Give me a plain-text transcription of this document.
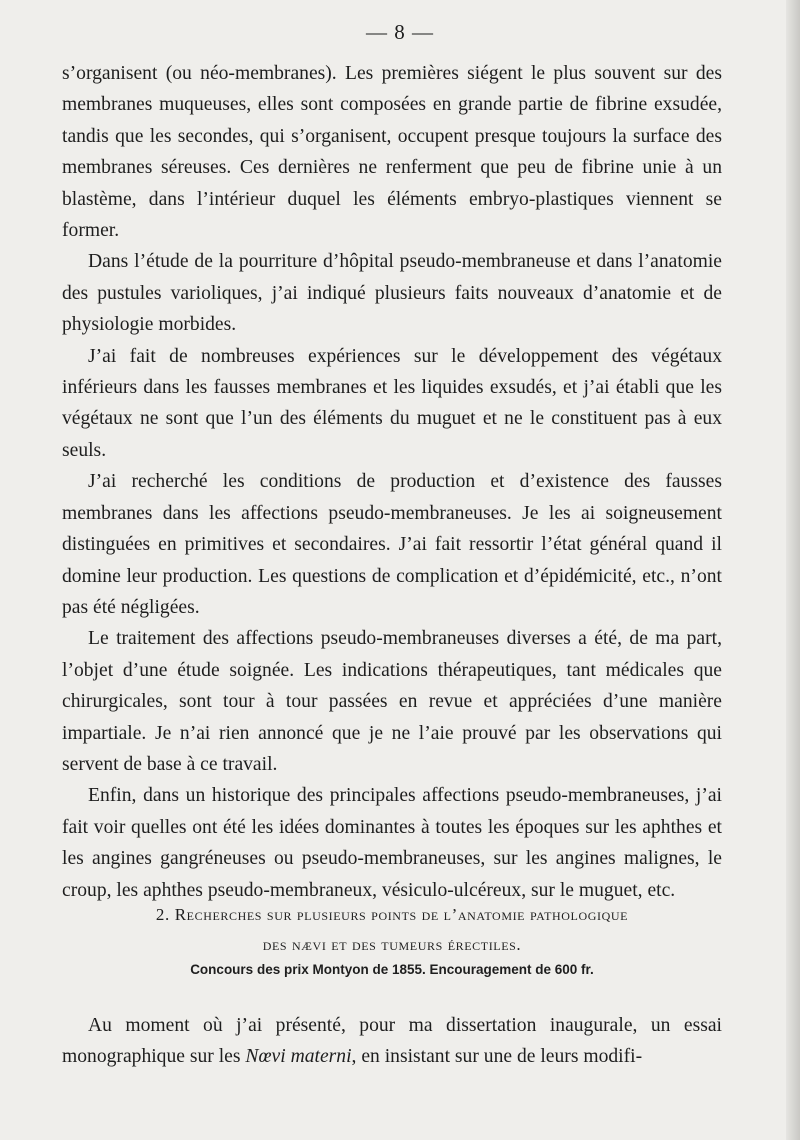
— 8 —

s’organisent (ou néo-membranes). Les premières siégent le plus souvent sur des membranes muqueuses, elles sont composées en grande partie de fibrine exsudée, tandis que les secondes, qui s’organisent, occupent presque toujours la surface des membranes séreuses. Ces dernières ne renferment que peu de fibrine unie à un blastème, dans l’intérieur duquel les éléments embryo-plastiques viennent se former.

Dans l’étude de la pourriture d’hôpital pseudo-membraneuse et dans l’anatomie des pustules varioliques, j’ai indiqué plusieurs faits nouveaux d’anatomie et de physiologie morbides.

J’ai fait de nombreuses expériences sur le développement des végétaux inférieurs dans les fausses membranes et les liquides exsudés, et j’ai établi que les végétaux ne sont que l’un des éléments du muguet et ne le constituent pas à eux seuls.

J’ai recherché les conditions de production et d’existence des fausses membranes dans les affections pseudo-membraneuses. Je les ai soigneusement distinguées en primitives et secondaires. J’ai fait ressortir l’état général quand il domine leur production. Les questions de complication et d’épidémicité, etc., n’ont pas été négligées.

Le traitement des affections pseudo-membraneuses diverses a été, de ma part, l’objet d’une étude soignée. Les indications thérapeutiques, tant médicales que chirurgicales, sont tour à tour passées en revue et appréciées d’une manière impartiale. Je n’ai rien annoncé que je ne l’aie prouvé par les observations qui servent de base à ce travail.

Enfin, dans un historique des principales affections pseudo-membraneuses, j’ai fait voir quelles ont été les idées dominantes à toutes les époques sur les aphthes et les angines gangréneuses ou pseudo-membraneuses, sur les angines malignes, le croup, les aphthes pseudo-membraneux, vésiculo-ulcéreux, sur le muguet, etc.

2. Recherches sur plusieurs points de l’anatomie pathologique
des nævi et des tumeurs érectiles.
Concours des prix Montyon de 1855. Encouragement de 600 fr.

Au moment où j’ai présenté, pour ma dissertation inaugurale, un essai monographique sur les Nœvi materni, en insistant sur une de leurs modifi-
